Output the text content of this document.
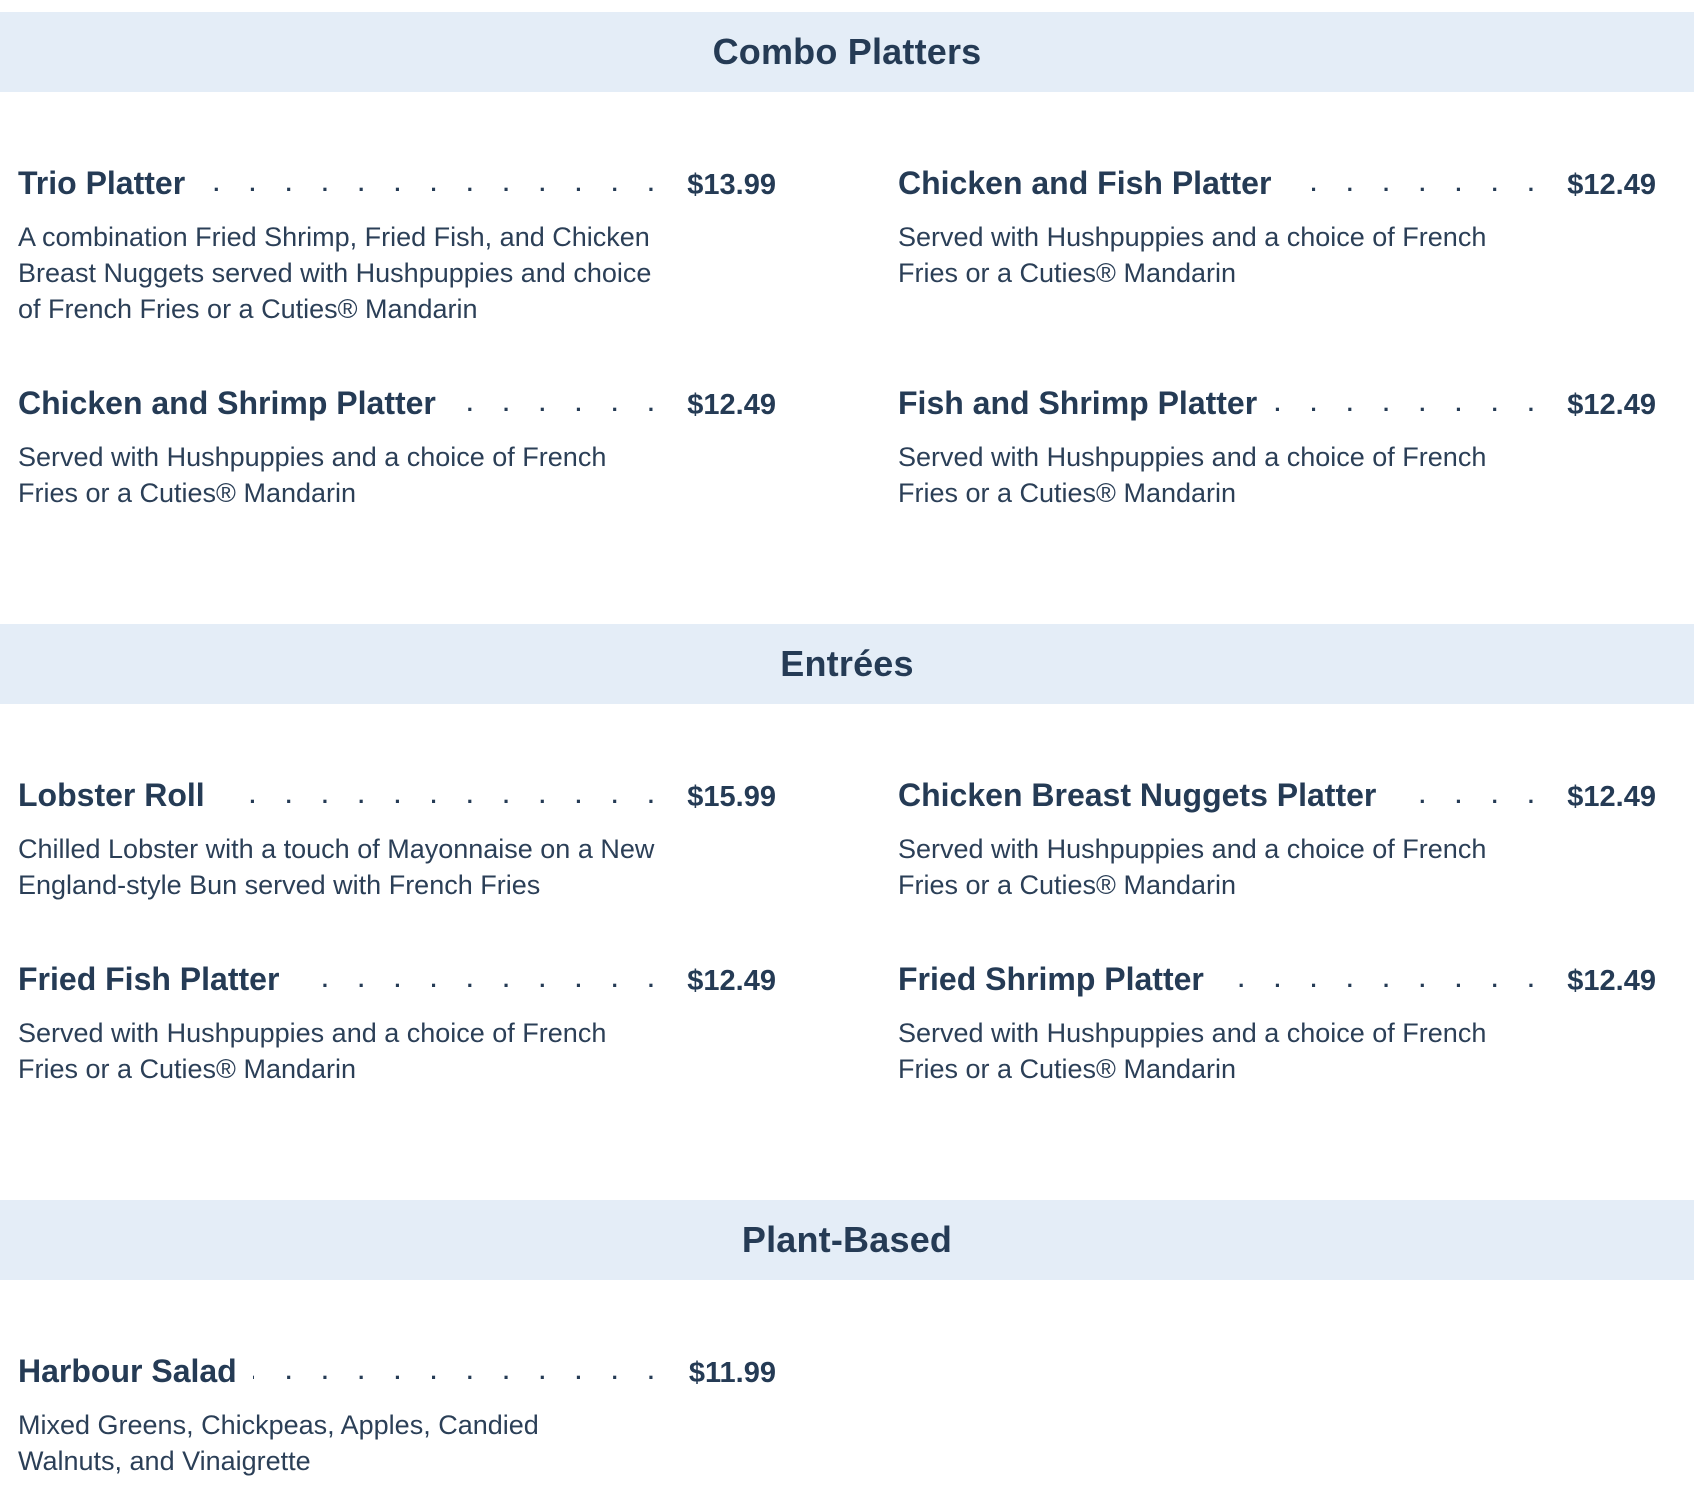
Combo Platters
Trio Platter . . .	$13.99

A combination Fried Shrimp, Fried Fish, and Chicken Breast Nuggets served with Hushpuppies and choice of French Fries or a Cuties® Mandarin

Chicken and Fish Platter . . .	$12.49

Served with Hushpuppies and a choice of French Fries or a Cuties® Mandarin

Chicken and Shrimp Platter . . .	$12.49

Served with Hushpuppies and a choice of French Fries or a Cuties® Mandarin

Fish and Shrimp Platter . . .	$12.49

Served with Hushpuppies and a choice of French Fries or a Cuties® Mandarin

Entrées
Lobster Roll . . .	$15.99

Chilled Lobster with a touch of Mayonnaise on a New England-style Bun served with French Fries

Chicken Breast Nuggets Platter . . .	$12.49

Served with Hushpuppies and a choice of French Fries or a Cuties® Mandarin

Fried Fish Platter . . .	$12.49

Served with Hushpuppies and a choice of French Fries or a Cuties® Mandarin

Fried Shrimp Platter . . .	$12.49

Served with Hushpuppies and a choice of French Fries or a Cuties® Mandarin

Plant-Based
Harbour Salad . . .	$11.99

Mixed Greens, Chickpeas, Apples, Candied Walnuts, and Vinaigrette
